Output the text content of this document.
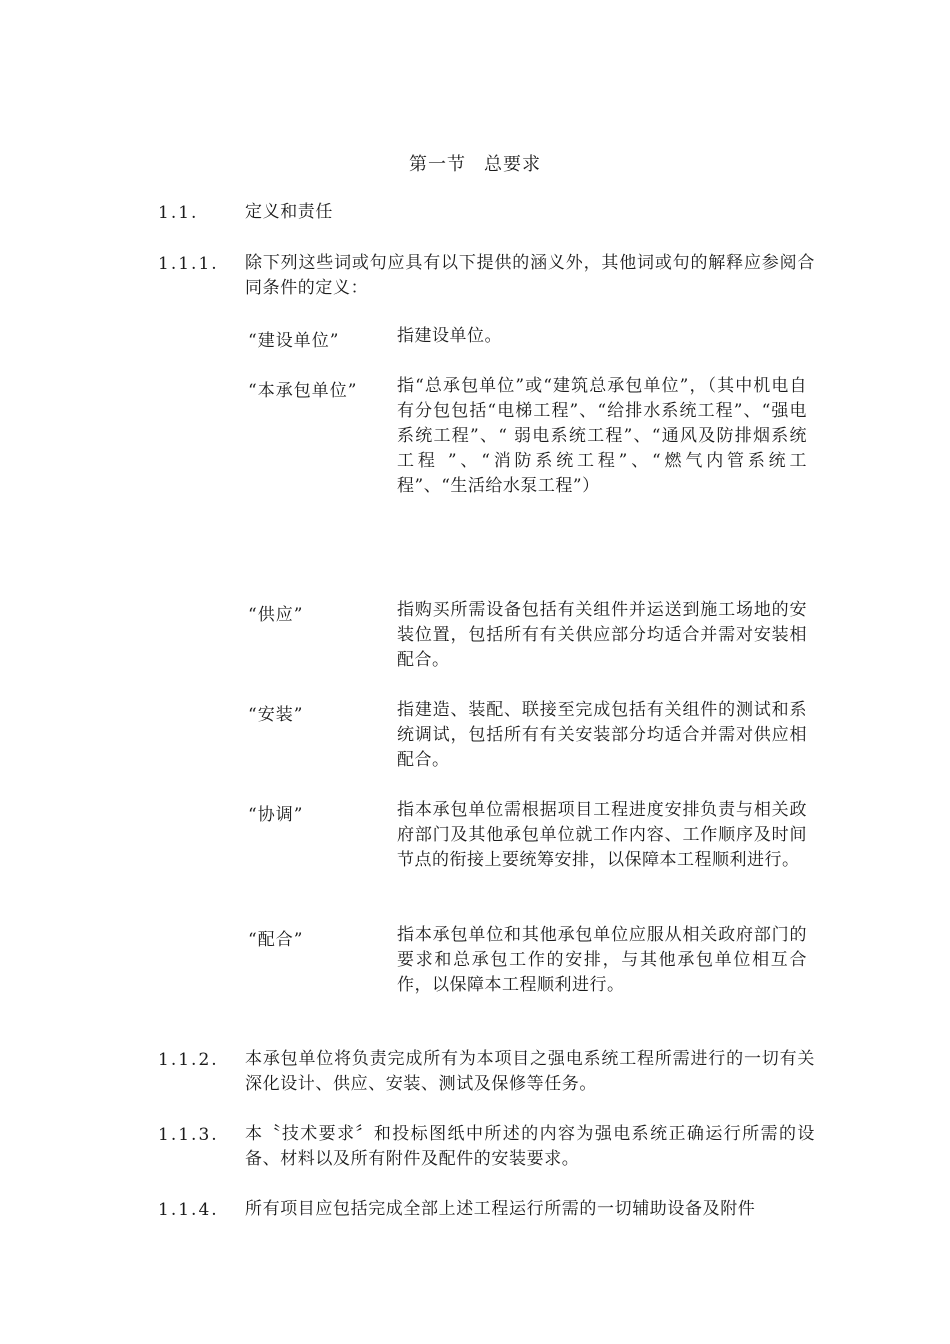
第一节 总要求
1.1.	定义和责任
1.1.1. 除下列这些词或句应具有以下提供的涵义外，其他词或句的解释应参阅合同条件的定义：
“建设单位”	指建设单位。
“本承包单位” 指“总承包单位”或“建筑总承包单位”，（其中机电自有分包包括“电梯工程”、“给排水系统工程”、“强电系统工程”、“ 弱电系统工程”、“通风及防排烟系统工程 ”、“消防系统工程”、“燃气内管系统工程”、“生活给水泵工程”）
“供应”	指购买所需设备包括有关组件并运送到施工场地的安装位置，包括所有有关供应部分均适合并需对安装相配合。
“安装”	指建造、装配、联接至完成包括有关组件的测试和系统调试，包括所有有关安装部分均适合并需对供应相配合。
“协调”	指本承包单位需根据项目工程进度安排负责与相关政府部门及其他承包单位就工作内容、工作顺序及时间节点的衔接上要统筹安排，以保障本工程顺利进行。
“配合”	指本承包单位和其他承包单位应服从相关政府部门的要求和总承包工作的安排，与其他承包单位相互合作，以保障本工程顺利进行。
1.1.2. 本承包单位将负责完成所有为本项目之强电系统工程所需进行的一切有关深化设计、供应、安装、测试及保修等任务。
1.1.3. 本〝技术要求〞和投标图纸中所述的内容为强电系统正确运行所需的设备、材料以及所有附件及配件的安装要求。
1.1.4. 所有项目应包括完成全部上述工程运行所需的一切辅助设备及附件
